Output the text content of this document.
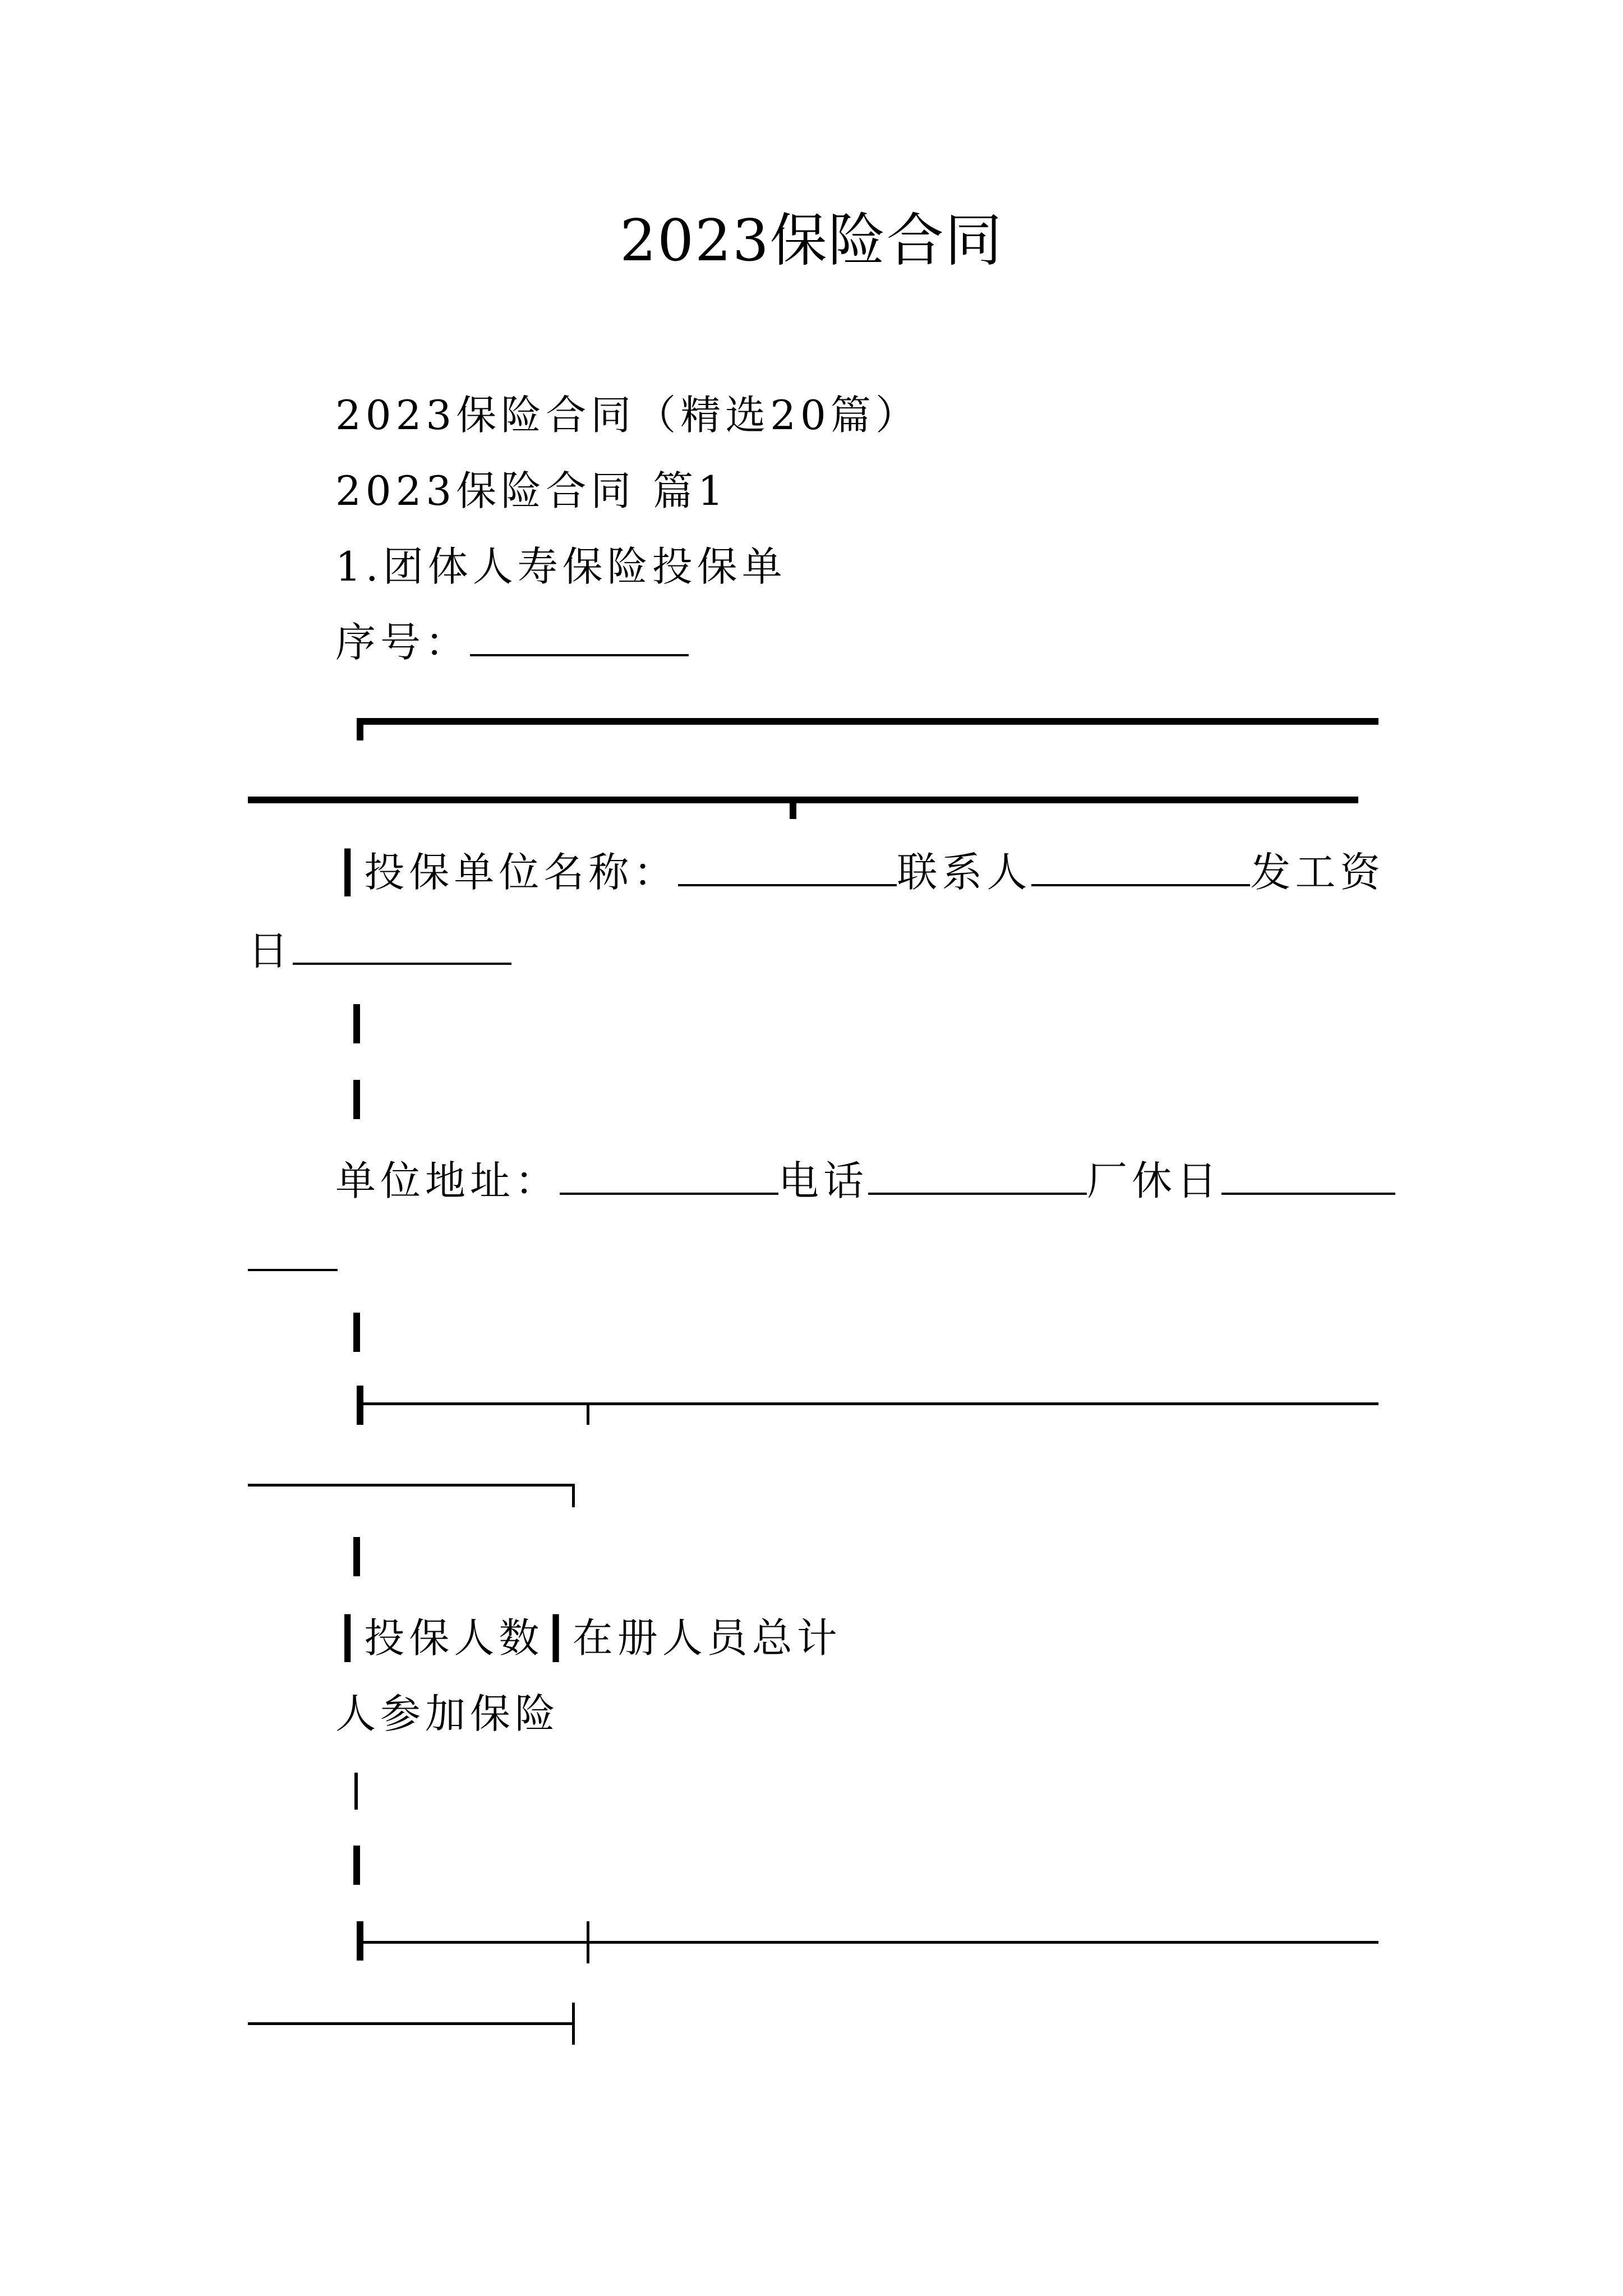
2023保险合同
2023保险合同（精选20篇）
2023保险合同 篇1
1.团体人寿保险投保单
序号：
┃投保单位名称：	联系人	发工资
日
单位地址：	电话	厂休日
┃投保人数┃在册人员总计
人参加保险
